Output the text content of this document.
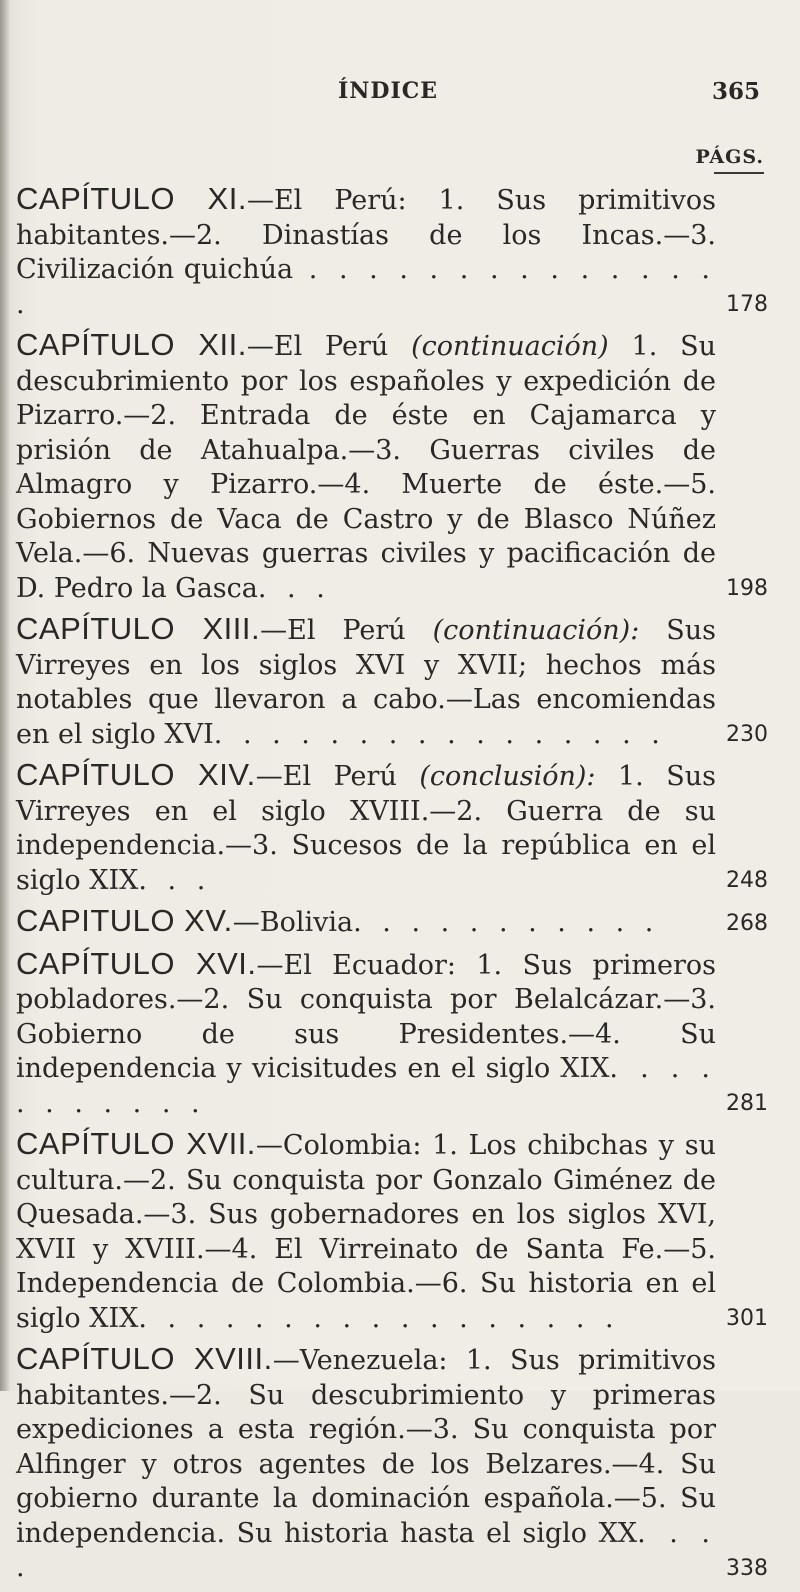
ÍNDICE	365
PÁGS.
CAPÍTULO XI.—El Perú: 1. Sus primitivos habitantes.—2. Dinastías de los Incas.—3. Civilización quichúa . . . . . . . . . . . . . . .	178
CAPÍTULO XII.—El Perú (continuación) 1. Su descubrimiento por los españoles y expedición de Pizarro.—2. Entrada de éste en Cajamarca y prisión de Atahualpa.—3. Guerras civiles de Almagro y Pizarro.—4. Muerte de éste.—5. Gobiernos de Vaca de Castro y de Blasco Núñez Vela.—6. Nuevas guerras civiles y pacificación de D. Pedro la Gasca. . .	198
CAPÍTULO XIII.—El Perú (continuación): Sus Virreyes en los siglos XVI y XVII; hechos más notables que llevaron a cabo.—Las encomiendas en el siglo XVI. . . . . . . . . . . . . . . .	230
CAPÍTULO XIV.—El Perú (conclusión): 1. Sus Virreyes en el siglo XVIII.—2. Guerra de su independencia.—3. Sucesos de la república en el siglo XIX. . .	248
CAPITULO XV.—Bolivia. . . . . . . . . . .	268
CAPÍTULO XVI.—El Ecuador: 1. Sus primeros pobladores.—2. Su conquista por Belalcázar.—3. Gobierno de sus Presidentes.—4. Su independencia y vicisitudes en el siglo XIX. . . . . . . . . . .	281
CAPÍTULO XVII.—Colombia: 1. Los chibchas y su cultura.—2. Su conquista por Gonzalo Giménez de Quesada.—3. Sus gobernadores en los siglos XVI, XVII y XVIII.—4. El Virreinato de Santa Fe.—5. Independencia de Colombia.—6. Su historia en el siglo XIX. . . . . . . . . . . . . . . . .	301
CAPÍTULO XVIII.—Venezuela: 1. Sus primitivos habitantes.—2. Su descubrimiento y primeras expediciones a esta región.—3. Su conquista por Alfinger y otros agentes de los Belzares.—4. Su gobierno durante la dominación española.—5. Su independencia. Su historia hasta el siglo XX. . . .	338
